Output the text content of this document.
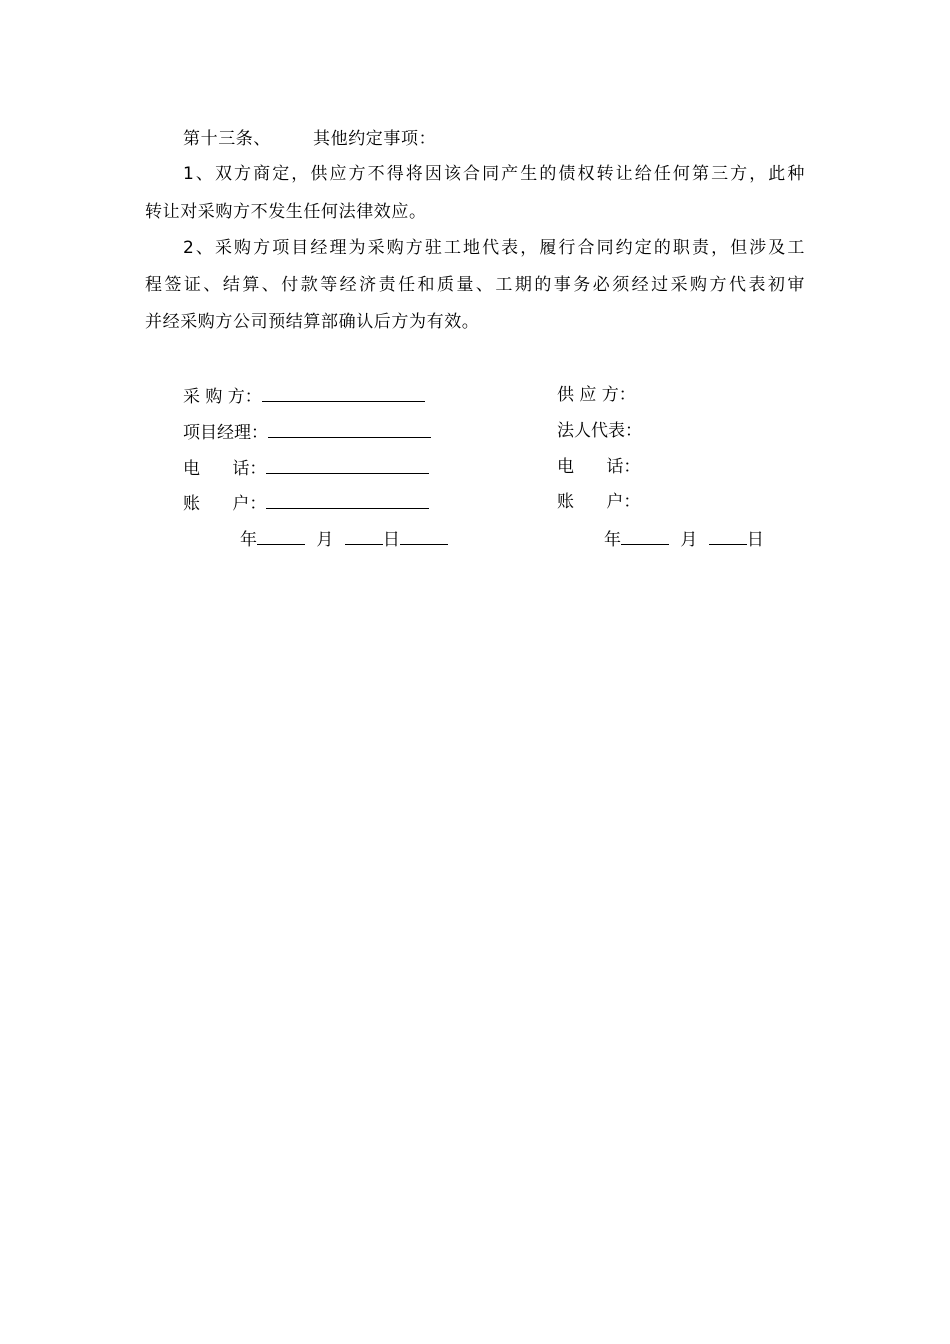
第十三条、 其他约定事项：
1、双方商定，供应方不得将因该合同产生的债权转让给任何第三方，此种
转让对采购方不发生任何法律效应。
2、采购方项目经理为采购方驻工地代表，履行合同约定的职责，但涉及工
程签证、结算、付款等经济责任和质量、工期的事务必须经过采购方代表初审
并经采购方公司预结算部确认后方为有效。
采 购 方：
项目经理：
电      话：
账      户：
年	月	日
供 应 方：
法人代表：
电      话：
账      户：
年	月	日
